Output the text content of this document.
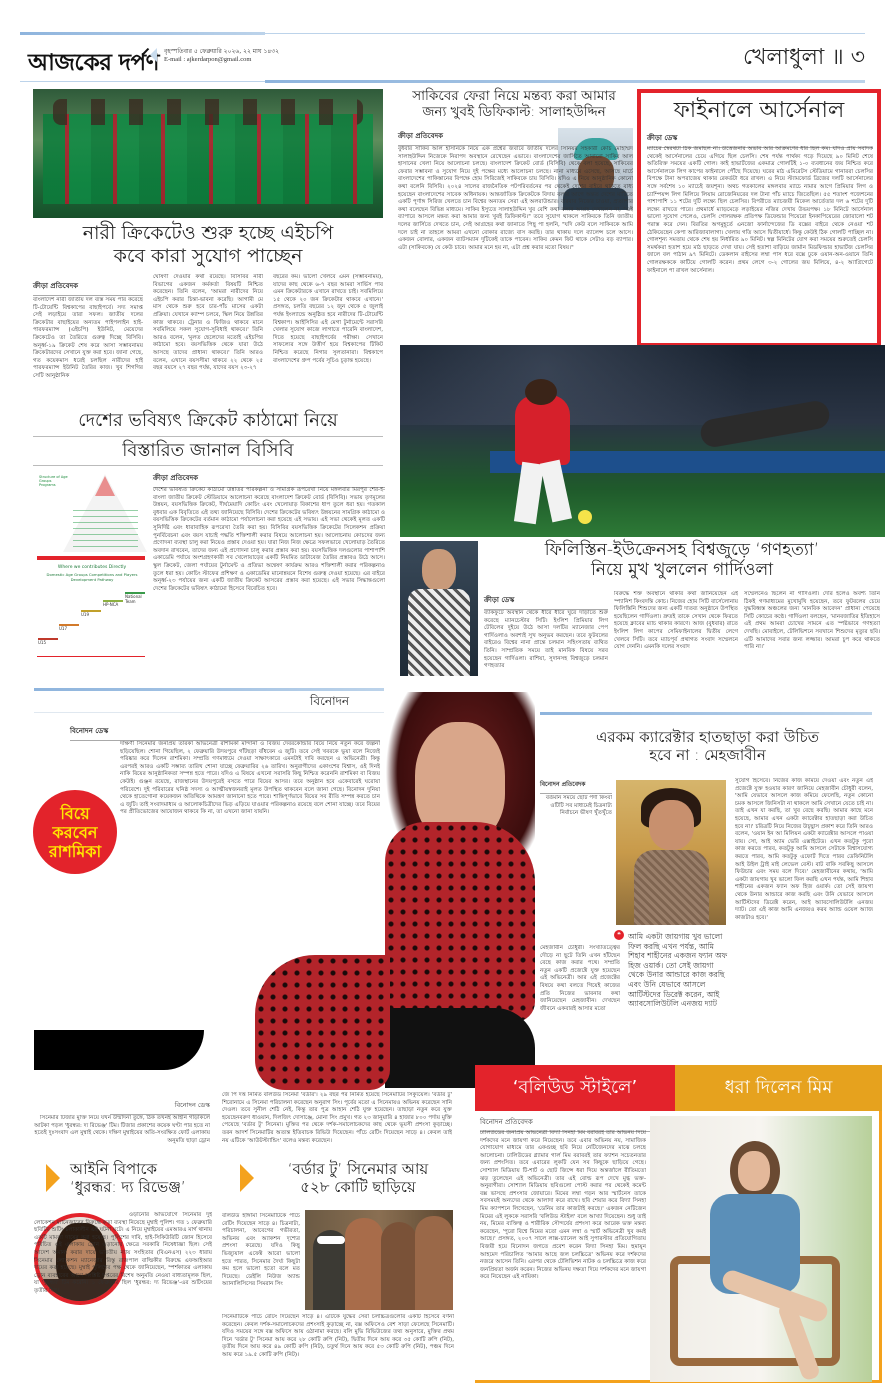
আজকের দর্পণ বৃহস্পতিবার ৫ ফেব্রুয়ারি ২০২৬, ২২ মাঘ ১৪৩২
E-mail : ajkerdarpon@gmail.com	খেলাধুলা ॥ ৩
নারী ক্রিকেটেও শুরু হচ্ছে এইচপি
কবে কারা সুযোগ পাচ্ছেন
ক্রীড়া প্রতিবেদক
বাংলাদেশ নারী জাতীয় দল ব্যস্ত সময় পার করেছে টি-টোয়েন্টি বিশ্বকাপের বাছাইপর্বে। সদ্য সমাপ্ত সেই লড়াইয়ে তারা সফল। জাতীয় দলের ক্রিকেটার বাছাইয়ের অন্যতম পাইপলাইন হাই-পারফরম্যান্স (এইচপি) ইউনিট, মেয়েদের ক্রিকেটেও তা তৈরিতে গুরুত্ব দিচ্ছে বিসিবি। অনূর্ধ্ব-১৯ ক্রিকেট শেষ করে আসা সম্ভাবনাময় ক্রিকেটারদের সেখানে যুক্ত করা হবে। জানা গেছে, গত কয়েকমাস ধরেই চলছিল নারীদের হাই পারফরম্যান্স ইউনিট তৈরির কাজ। খুব শিগগির সেটি আনুষ্ঠানিক
ঘোষণা দেওয়ার কথা রয়েছে। বিসিবির নারী বিভাগের একজন কর্মকর্তা বিষয়টি নিশ্চিত করেছেন। তিনি বলেন, 'আমরা নারীদের নিয়ে এইচপি করার চিন্তা-ভাবনা করেছি। আগামী মে মাস থেকে শুরু হবে চার-পাঁচ মাসের একটা প্রক্রিয়া। যেখানে ক্যাম্প চলবে, স্কিল নিয়ে উন্নতির কাজ থাকবে। ট্রেনার ও ফিজিও থাকবে মানে সবমিলিয়ে সকল সুযোগ-সুবিধাই থাকবে।' তিনি আরও বলেন, 'মূলত ছেলেদের মতোই এইচপির কাঠামো হবে। বয়সভিত্তিক থেকে যারা উঠে আসছে তাদের প্রাধান্য থাকবে।' তিনি আরও বলেন, এখানে বয়সসীমা থাকবে ২২ থেকে ২৫ বছর বয়সে ২৭ বছর পর্যন্ত, যাদের বয়স ২৩-২৭
বছরের কম। ভালো খেলবে এমন (সম্ভাবনাময়), যাদের কাছ থেকে ৬-৭ বছর আমরা সার্ভিস পাব এমন ক্রিকেটারকে এখানে রাখতে চাই। সবমিলিয়ে ১৫ থেকে ২০ জন ক্রিকেটার থাকবে এখানে।' প্রসঙ্গত, চলতি বছরের ১২ জুন থেকে ৫ জুলাই পর্যন্ত ইংল্যান্ডে অনুষ্ঠিত হবে নারীদের টি-টোয়েন্টি বিশ্বকাপ। আইসিসির এই মেগা টুর্নামেন্টে সরাসরি খেলার সুযোগ কাজে লাগাতে পারেনি বাংলাদেশ, দিতে হয়েছে বাছাইপর্বের পরীক্ষা। সেখানে সাফল্যের সঙ্গে উত্তীর্ণ হয়ে বিশ্বকাপের টিকিট নিশ্চিত করেছে নিগার সুলতানারা। বিশ্বকাপে বাংলাদেশের গ্রুপ পর্বের সূচিও চূড়ান্ত হয়েছে।
দেশের ভবিষ্যৎ ক্রিকেট কাঠামো নিয়ে
বিস্তারিত জানাল বিসিবি
Structure of Age Groups Programs
Where we contributes Directly
Domestic Age Groups Competitions and Players Development Pathway
U15
U17
U19
HP-NCA
National Team
ক্রীড়া প্রতিবেদক
দেশের ভবিষ্যত ক্রিকেট কাঠামো উন্নতির পরিকল্পনা ও সামগ্রিক রূপরেখা নিয়ে মঙ্গলবার মিরপুর শের-ই-বাংলা জাতীয় ক্রিকেট স্টেডিয়ামে আলোচনা করেছে বাংলাদেশ ক্রিকেট বোর্ড (বিসিবি)। সভায় তৃণমূলের উন্নয়ন, বয়সভিত্তিক ক্রিকেট, দীর্ঘমেয়াদি কোচিং এবং খেলোয়াড় বিকাশের ধাপ তুলে ধরা হয়। গতকাল বুধবার এক বিবৃতিতে এই তথ্য জানিয়েছে বিসিবি। দেশের ক্রিকেটের ভবিষ্যৎ উন্নয়নের সামগ্রিক কাঠামো ও বয়সভিত্তিক ক্রিকেটের বর্তমান কাঠামো পর্যালোচনা করা হয়েছে এই সভায়। এই সভা থেকেই মূলত একটি সুনির্দিষ্ট এবং ধারাবাহিক রূপরেখা তৈরি করা হয়। বিসিবির বয়সভিত্তিক ক্রিকেটের সিলেকশন প্রক্রিয়া পুনর্বিবেচনা এবং বয়স যাচাই পদ্ধতি শক্তিশালী করার বিষয়ে আলোচনা হয়। আলোচনায় কোচদের জন্য প্রণোদনা ব্যবস্থা চালু করা নিয়েও প্রস্তাব দেওয়া হয়। যারা নিজ নিজ ক্ষেত্রে সফলভাবে খেলোয়াড় তৈরিতে অবদান রাখবেন, তাদের জন্য এই প্রণোদনা চালু করার প্রস্তাব করা হয়। বয়সভিত্তিক দলগুলোর পাশাপাশি একাডেমি পর্যায়ে অংশগ্রহণকারী সব খেলোয়াড়ের একটি নিয়মিত ডাটাবেজ তৈরির প্রস্তাবও উঠে আসে। স্কুল ক্রিকেট, জেলা পর্যায়ের টুর্নামেন্ট ও প্রতিভা অন্বেষণ কার্যক্রম আরও শক্তিশালী করার পরিকল্পনাও তুলে ধরা হয়। কোচিং স্টাফের প্রশিক্ষণ ও একাডেমির মানোন্নয়নে বিশেষ গুরুত্ব দেওয়া হয়েছে। এর বাইরে অনূর্ধ্ব-২৩ পর্যায়ের জন্য একটি জাতীয় ক্রিকেট আসরের প্রস্তাব করা হয়েছে। এই সভার সিদ্ধান্তগুলো দেশের ক্রিকেটের ভবিষ্যৎ কাঠামো হিসেবে বিবেচিত হবে।
সাকিবের ফেরা নিয়ে মন্তব্য করা আমার
জন্য খুবই ডিফিকাল্ট: সালাহউদ্দিন
ক্রীড়া প্রতিবেদক
বুধবার সাকিব আল হাসানকে নিয়ে এক প্রশ্নের জবাবে জাতীয় দলের সিনিয়র সহকারী কোচ মোহাম্মদ সালাহউদ্দিন নিজেকে নিরাপদ অবস্থানে রেখেছেন এভাবে। বাংলাদেশের জার্সিতে আবারো সাকিব আল হাসানের খেলা নিয়ে আলোচনা চলছে। বাংলাদেশ ক্রিকেট বোর্ড (বিসিবি) থেকে বলা হয়েছে, সাকিবের ফেরার সম্ভাবনা ও সুযোগ নিয়ে দুই পক্ষের মধ্যে আলোচনা চলছে। নানা মাধ্যমে এসেছে, আসছে মার্চে বাংলাদেশের পাকিস্তানের বিপক্ষে হোম সিরিজেই সাকিবকে চায় বিসিবি। যদিও এ নিয়ে আনুষ্ঠানিক কোনো কথা বলেনি বিসিবি। ২০২৪ সালের রাজনৈতিক পটপরিবর্তনের পর থেকেই দেশের বাইরে থাকতে বাধ্য হয়েছেন বাংলাদেশের সাবেক অধিনায়ক। আন্তর্জাতিক ক্রিকেটকে বিদায় বলার আগে অন্তত দেশের মাটিতে একটি পূর্ণাঙ্গ সিরিজ খেলতে চান বিশ্বের অন্যতম সেরা এই অলরাউন্ডার। বারবার নিজের চাওয়া, প্রত্যাশার কথা বলেছেন বিভিন্ন মাধ্যমে। সাকিব ইস্যুতে সালাহউদ্দিন খুব বেশি কথা বলার আগ্রহ দেখালেন না, "এই ব্যাপারে আসলে মন্তব্য করা আমার জন্য খুবই ডিফিকাল্ট।" তবে সুযোগ থাকলে সাকিবকে তিনি জাতীয় দলের জার্সিতে দেখতে চান, সেই আগ্রহের কথা জানাতে পিছু পা হলনি, "যদি কেউ বলে সাকিবকে আমি দলে চাই না তাহলে আমরা এখনো বোকার রাজ্যে বাস করছি। তার থাকায় দলে ব্যালেন্স চলে আসে। একজন বোলার, একজন ব্যাটসম্যান দুটিকেই তাকে পাবেন। সাকিব কেমন ফিট থাকে সেটাও বড় ব্যাপার। এটা (সাকিবকে) যে কেউ চাবে। আমার মনে হয় না, এটা প্রশ্ন করার মতো বিষয়।"
ফাইনালে আর্সেনাল
ক্রীড়া ডেস্ক
ম্যাচের স্বৈরথটা ঠিক জমছিল না। উত্তেজনার অভাব আর আক্রমণের ধার ছিল কম। যদিও প্রায় সবদিক থেকেই আর্সেনালের চেয়ে এগিয়ে ছিল চেলসি। শেষ পর্যন্ত পার্থক্য গড়ে দিয়েছে ৯০ মিনিট শেষে অতিরিক্ত সময়ের একটি গোল। কাই হাভার্টজের একমাত্র গোলটিই ১-০ ব্যবধানের জয় নিশ্চিত করে আর্সেনালকে লিগ কাপের ফাইনালে পৌঁছে দিয়েছে। ঘরের মাঠ এমিরেটস স্টেডিয়ামে গানাররা চেলসির বিপক্ষে টানা অপরাজেয় থাকার রেকর্ডটা ধরে রাখল। এ নিয়ে স্ট্যামফোর্ড ব্রিজের দলটি আর্সেনালের সঙ্গে সর্বশেষ ১০ ম্যাচেই জয়শূন্য। অথচ গতকালের মঙ্গলবার ম্যাচে নামার আগে প্রিমিয়ার লিগ ও চ্যাম্পিয়ন্স লিগ মিলিয়ে লিয়াম রোজেনিয়রের দল টানা পাঁচ ম্যাচে জিতেছিল। ৫৫ শতাংশ পজেশনের পাশাপাশি ১১ শটের দুটি লক্ষ্যে ছিল চেলসির। বিপরীতে ম্যাচজয়ী মিকেল আর্তেতার দল ৬ শটের দুটি লক্ষ্যে রাখতে পারে। প্রথমার্ধে ম্যাড়মেড়ে লড়াইয়ের নজির দেখায় উভয়পক্ষ। ১৮ মিনিটে আর্সেনাল ভালো সুযোগ পেলেও, চেলসি গোলরক্ষক প্রতিপক্ষ ডিফেন্ডার পিয়েরো ইনকাপিয়েরের জোরালো শট পরাস্ত করে দেন। বিরতির অগমুহূর্তে এনজো ফার্নান্দেজের ডি বক্সের বাইরে থেকে নেওয়া শট ঠেকিয়েছেন কেপা আরিজাবালাগা। খেলায় গতি আসে দ্বিতীয়ার্ধে। কিন্তু কেউই ঠিক গোলটি পাচ্ছিল না। গোলশূন্য সমতায় থেকে শেষ হয় নির্ধারিত ৯০ মিনিট। স্বল্প মিনিটের যোগ করা সময়ের শুরুতেই চেলসি সমর্থকরা হতাশ হয়ে মাঠ ছাড়তে দেখা যায়। সেই হতাশা বাড়িয়ে জার্মান মিডফিল্ডার হাভার্টজ চেলসির জালে বল পাঠান ৯৭ মিনিটে। ডেকলান রাইসের লম্বা পাস ধরে বক্সে ঢুকে ওয়ান-অন-ওয়ানে তিনি গোলরক্ষককে কাটিয়ে গোলটি করেন। প্রথম লেগে ৩-২ গোলের জয় মিলিয়ে, ৪-২ অ্যাগ্রিগেটে ফাইনালে পা রাখল আর্সেনাল।
ফিলিস্তিন-ইউক্রেনসহ বিশ্বজুড়ে ‘গণহত্যা’
নিয়ে মুখ খুললেন গার্দিওলা
ক্রীড়া ডেস্ক
ব্যাকফুটে অবস্থান থেকে ধীরে ধীরে ঘুরে দাঁড়াতে শুরু করেছে ম্যানচেস্টার সিটি। ইংলিশ প্রিমিয়ার লিগ টেবিলের দুইয়ে উঠে আসা দলটির ম্যানেজার পেপ গার্দিওলাও অবশ্যই সুখ অনুভব করছেন। তবে ফুটবলের বাইরেও বিশ্বের নানা প্রান্তে চলমান সহিংসতায় ব্যথিত তিনি। সাম্প্রতিক সময়ে তাই মানবিক বিষয়ে সরব হয়েছেন গার্দিওলা। রাশিয়া, সুদানসহ বিশ্বজুড়ে চলমান গণহত্যার
বিরুদ্ধে শক্ত অবস্থানে থাকার কথা জানিয়েছেন এই স্প্যানিশ কিংবদন্তি কোচ। নিজের হোম সিটি বার্সেলোনায় ফিলিস্তিনি শিশুদের জন্য একটি দাতব্য অনুষ্ঠানে উপস্থিত হয়েছিলেন গার্দিওলা। দ্রুতই তাকে সেখান থেকে ফিরতে হয়েছে ক্লাবের ম্যাচ থাকার কারণে। আজ (বুধবার) রাতে ইংলিশ লিগ কাপের সেমিফাইনালের দ্বিতীয় লেগে খেলবে সিটি। তবে ম্যাচপূর্ব প্রথাগত সংবাদ সম্মেলনে যোগ দেননি। এমনকি দলের সংবাদ
সম্মেলনেও ছিলেন না গার্দিওলা। দেরি হলেও অবশ্য তিনি ঠিকই গণমাধ্যমের মুখোমুখি হয়েছেন, তবে ফুটবলের চেয়ে যুদ্ধবিধ্বস্ত অঞ্চলের জন্য ‘মানবিক আবেদন’ প্রাধান্য পেয়েছে সিটি কোচের কণ্ঠে। গার্দিওলা বলছেন, ‘মানবজাতির ইতিহাসে এই প্রথম আমরা চোখের সামনে এত স্পষ্টভাবে গণহত্যা দেখছি। মোবাইলে, টেলিভিশনে সবখানে শিশুদের মৃত্যুর ছবি। এটি আমাদের সবার জন্য লজ্জার। আমরা চুপ করে থাকতে পারি না।’
বিনোদন
বিনোদন ডেস্ক
দক্ষিণী সিনেমার জনপ্রিয় তারকা অভিনেত্রী রাশমিকা মান্দানা ও বিজয় দেবরকোন্ডার বিয়ে নিয়ে নতুন করে জল্পনা ছড়িয়েছিল। শোনা গিয়েছিল, ২ ফেব্রুয়ারি উদয়পুরে গাঁটছড়া বাঁধবেন এ জুটি। তবে সেই খবরকে ভুয়া বলে নিজেই পরিষ্কার করে দিলেন রাশমিকা। সম্প্রতি গণমাধ্যমে দেওয়া সাক্ষাৎকারে এমনটাই দাবি করছেন এ অভিনেত্রী। কিন্তু এরপরই আরও একটি সম্ভাব্য তারিখ শোনা যাচ্ছে ফেব্রুয়ারির ২৬ তারিখ। অনুরাগীদের একাংশের বিশ্বাস, ওই দিনই নাকি বিয়ের আনুষ্ঠানিকতা সম্পন্ন হতে পারে। যদিও এ বিষয়ে এখনো সরাসরি কিছু নিশ্চিত করেননি রাশমিকা বা বিজয় কেউই। গুঞ্জন রয়েছে, রাজস্থানের উদয়পুরেই বসতে পারে বিয়ের আসর। তবে অনুষ্ঠান হবে একেবারেই ঘরোয়া পরিবেশে। দুই পরিবারের ঘনিষ্ঠ সদস্য ও আত্মীয়স্বজনরাই মূলত উপস্থিত থাকবেন বলে জানা গেছে। বিনোদন দুনিয়া থেকে হাতেগোনা কয়েকজন অতিথিকে আমন্ত্রণ জানানো হতে পারে। শান্তিপূর্ণভাবে বিয়ের সব রীতি সম্পন্ন করতে চান এ জুটি। তাই সংবাদমাধ্যম ও আলোকচিত্রীদের ভিড় এড়িয়ে যাওয়ার পরিকল্পনাও রয়েছে বলে শোনা যাচ্ছে। তবে বিয়ের পর প্রীতিভোজের আয়োজন থাকবে কি না, তা এখনো জানা যায়নি।
বিয়ে করবেন রাশমিকা
এরকম ক্যারেক্টার হাতছাড়া করা উচিত
হবে না : মেহজাবীন
বিনোদন প্রতিবেদক
বর্তমান সময়ে ছোট পর্দা কিংবা ওটিটি সব মাধ্যমেই চিত্রনাট্য নির্বাচনে ভীষণ খুঁতখুঁতে
❝ আমি একটা জায়গায় খুব ভালো ফিল করছি এখন পর্যন্ত, আমি শিহাব শাহীনের একজন ফ্যান অফ হিজ ওয়ার্ক। তো সেই জায়গা থেকে উনার আন্ডারে কাজ করছি এবং উনি যেভাবে আসলে আর্টিস্টদের ডিরেক্ট করেন, আই অ্যাবসোলিউটলি এনজয় দ্যাট
মেহজাবীন চৌধুরী। সংখ্যাতত্ত্বের দৌড়ে না ছুটে তিনি এখন হাঁটছেন বেছে কাজ করার পথে। সম্প্রতি নতুন একটি প্রজেক্টে যুক্ত হয়েছেন এই অভিনেত্রী। আর এই প্রজেক্টের বিষয়ে কথা বলতে গিয়েই কাজের প্রতি নিজের ভাবনার কথা জানিয়েছেন মেহজাবীন। দেখছেন জীবনে একবারই আসার মতো
সুযোগ হিসেবে। নিজের কাজ কমিয়ে দেওয়া এবং নতুন এই প্রজেক্টে যুক্ত হওয়ার কারণ জানিয়ে মেহজাবীন চৌধুরী বলেন, 'আমি যেভাবে আসলে কাজ কমিয়ে ফেলেছি, নতুন কোনো চমক আসলে জিনিসটা না থাকলে আমি সেখানে যেতে চাই না। তাই এখন যা করছি, তা খুব বেছে করছি। আমার কাছে মনে হয়েছে, আমার এখন একটা ক্যারেক্টার হাতছাড়া করা উচিত হবে না।' চরিত্রটি নিয়ে নিজের উচ্ছ্বাস প্রকাশ করে তিনি আরও বলেন, 'ওয়ান ইন আ মিলিয়ন একটা ক্যারেক্টার আসলে পাওয়া যায়। সো, আই অ্যাম ভেরি এক্সাইটেড। এখন কতটুকু পুরো কাজ করতে পারব, কতটুকু আমি আসলে সেটাকে বিশ্বাসযোগ্য করতে পারব, আমি কতটুকু এফোর্ট দিতে পারব ডেফিনিটলি আই উইল ট্রাই মাই লেভেল বেস্ট। বাট বাকি সবকিছু আসলে ফিউচার এবং সময় বলে দিবে।' মেহজাবীনের কথায়, 'আমি একটা জায়গায় খুব ভালো ফিল করছি এখন পর্যন্ত, আমি শিহাব শাহীনের একজন ফ্যান অফ হিজ ওয়ার্ক। তো সেই জায়গা থেকে উনার আন্ডারে কাজ করছি এবং উনি যেভাবে আসলে আর্টিস্টদের ডিরেক্ট করেন, আই অ্যাবসোলিউটলি এনজয় দ্যাট। তো এই কাজ আমি এনজয়ও করব অ্যান্ড ওয়েল অ্যাজ কাজটাও হবে।'
বিনোদন ডেস্ক
সিনেমার টিজার মুক্তি নিয়ে যখন উন্মাদনা তুঙ্গে, ঠিক তখনই আইনি গাঁড়াকলে আটকা পড়ল 'ধুরন্ধর: দ্য রিভেঞ্জ' টিম। টিজার প্রকাশের কয়েক ঘণ্টা পার হতে না হতেই দুঃসংবাদ এল মুম্বাই থেকে। দক্ষিণ মুম্বাইয়ের অতি-সংরক্ষিত ফোর্ট এলাকায় অনুমতি ছাড়া ড্রোন
জে পি দত্ত নির্মিত বলিউড সিনেমা 'বর্ডার'। ২৯ বছর পর নির্মিত হয়েছে সিনেমাটির সিক্যুয়েল। 'বর্ডার টু' শিরোনামে এ সিনেমা পরিচালনা করেছেন অনুরাগ সিং। পূর্বের মতো এ সিনেমায়ও অভিনয় করেছেন সানি দেওল। তবে সুনীল শেঠি নেই, কিন্তু তার পুত্র আহান শেঠি যুক্ত হয়েছেন। তাছাড়া নতুন করে যুক্ত হয়েছেনবরুণ ধাওয়ান, দিলজিৎ দোসাঞ্জে, মোনা সিং প্রমুখ। গত ২৩ জানুয়ারি ৪ হাজার ৮০০ পর্দায় মুক্তি পেয়েছে 'বর্ডার টু' সিনেমা। মুক্তির পর থেকে দর্শক-সমালোচকদের কাছ থেকে ভূয়সী প্রশংসা কুড়াচ্ছে। তরন আদর্শ সিনেমাটির অত্যন্ত ইতিবাচক রিভিউ দিয়েছেন। পাঁচে রেটিং দিয়েছেন সাড়ে ৪। কেবল তাই নয় এটিকে 'আউটস্ট্যান্ডিং' বলেও মন্তব্য করেছেন।
আইনি বিপাকে
‘ধুরন্ধর: দ্য রিভেঞ্জ’
ওড়ানোর অভিযোগে সিনেমার দুই লোকেশন ম্যানেজারের বিরুদ্ধে কড়া ব্যবস্থা নিয়েছে মুম্বাই পুলিশ। গত ১ ফেব্রুয়ারি ছবিটির শুটিং চলাকালীন এই ঘটনা ঘটে। এ নিয়ে মুম্বাইয়ের এমআরএ মার্গ থানায় একটি মামলা দায়ের করা হয়েছে। পুলিশের দাবি, হাই-সিকিউরিটি জোন হিসেবে পরিচিত ওই এলাকায় ড্রোন ওড়ানোর ক্ষেত্রে সরকারি নিষেধাজ্ঞা ছিল। সেই আদেশ অমান্য করার দায়ে ভারতীয় ন্যায় সংহিতার (বিএনএস) ২২৩ ধারায় সিনেমার লোকেশন ম্যানেজার রিস্তু রাজপাল বাল্মিকীর বিরুদ্ধে এফআইআর দায়ের করা হয়েছে। মুম্বাই পুলিশের পক্ষ থেকে জানিয়েছেন, স্পর্শকাতর এলাকায় ড্রোন ব্যবহারের আগে সংশ্লিষ্ট দপ্তরের বিশেষ অনুমতি নেওয়া বাধ্যতামূলক ছিল, যা 'ধুরন্ধর' টিম করেনি। ১ ফেব্রুয়ারি ছিল 'ধুরন্ধর: দ্য রিভেঞ্জ'-এর শুটিংয়ের তৃতীয় দিন।
‘বর্ডার টু’ সিনেমার আয়
৫২৮ কোটি ছাড়িয়ে
বলিউড হাঙ্গামা সিনেমাটিকে পাঁচে রেটিং দিয়েছেন সাড়ে ৪। চিত্রনাট্য, পরিচালনা, আবেগের গভীরতা, অভিনয় এবং অ্যাকশন দৃশ্যের প্রশংসা করেছে। যদিও কিছু ভিজ্যুয়াল এফেক্ট আরো ভালো হতে পারত, সিনেমার দৈর্ঘ্য কিছুটা কম হলে ভালো হতো বলে মত দিয়েছে। ডেইলি নিউজ অ্যান্ড অ্যানালিসিসের সিমরান সিং
সিনেমাটিকে পাঁচে রেটিং দিয়েছেন সাড়ে ৪। এটিকে যুদ্ধের সেরা চলচ্চিত্রগুলোর একটি হিসেবে বর্ণনা করেছেন। কেবল দর্শক-সমালোচকদের প্রশংসাই কুড়াচ্ছে না, বক্স অফিসেও বেশ সাড়া ফেলেছে সিনেমাটি। যদিও সময়ের সঙ্গে বক্স অফিসে আয় ওঠানামা করছে। বলি মুভি রিভিউজের তথ্য অনুসারে, মুক্তির প্রথম দিনে 'বর্ডার টু' সিনেমা আয় করে ২৮ কোটি রুপি (নিট), দ্বিতীয় দিনে আয় করে ৩৫ কোটি রুপি (নিট), তৃতীয় দিনে আয় করে ৪৯ কোটি রুপি (নিট), চতুর্থ দিনে আয় করে ৫৩ কোটি রুপি (নিট), পঞ্চম দিনে আয় করে ১৯.৫ কোটি রুপি (নিট)।
‘বলিউড স্টাইলে’	ধরা দিলেন মিম
বিনোদন প্রতিবেদক
ঢালিউডের জনপ্রিয় অভিনেত্রী বিদ্যা সিনহা মিম বরাবরই তার অভিনয় দিয়ে দর্শকদের মনে জায়গা করে নিয়েছেন। তবে এবার অভিনয় নয়, সামাজিক যোগাযোগ মাধ্যমে তার একগুচ্ছ ছবি নিয়ে নেটিজেনদের মাঝে চলছে আলোচনা। ঢালিউডের গ্ল্যামার গার্ল মিম বরাবরই তার ফ্যাশন সচেতনতার জন্য প্রশংসিত। তবে এবারের লুকটি যেন সব কিছুকে ছাড়িয়ে গেছে। সোশ্যাল মিডিয়ায় টি-শার্ট ও ছোট জিন্সে ধরা দিয়ে অন্তর্জালে রীতিমতো ঝড় তুলেছেন এই অভিনেত্রী। তার এই বোল্ড রূপ দেখে মুগ্ধ ভক্ত-অনুরাগীরা। সোশ্যাল মিডিয়ায় ছবিগুলো পোস্ট করার পর থেকেই কমেন্ট বক্স ভাসছে প্রশংসার জোয়ারে। মিমের লম্বা গড়ন আর স্মার্টনেস তাকে সবসময়ই অন্যদের থেকে আলাদা করে রাখে। ছবি শেয়ার করে বিদ্যা সিনহা মিম ক্যাপশনে লিখেছেন, 'ডেনিম তার কাজটাই করছে।' একজন নেটিজেন মিমের এই লুককে সরাসরি 'বলিউড স্টাইল' বলে আখ্যা দিয়েছেন। শুধু তাই নয়, মিমের ব্যক্তিত্ব ও শারীরিক সৌন্দর্যের প্রশংসা করে আরেক ভক্ত মন্তব্য করেছেন, 'পুরো বিশ্বে মিমের মতো এমন লম্বা ও স্মার্ট অভিনেত্রী খুব কমই আছে।' প্রসঙ্গত, ২০০৭ সালে লাক্স-চ্যানেল আই সুপারস্টার প্রতিযোগিতায় বিজয়ী হয়ে বিনোদন জগতে প্রবেশ করেন বিদ্যা সিনহা মিম। হুমায়ূন আহমেদ পরিচালিত 'আমার আছে জল চলচ্চিত্রে' অভিনয় করে দর্শকদের নজরে আসেন তিনি। এরপর থেকে টেলিভিশন নাটক ও চলচ্চিত্রে কাজ করে জনপ্রিয়তা অর্জন করেন। নিজের অভিনয় দক্ষতা দিয়ে দর্শকদের মনে জায়গা করে নিয়েছেন এই নায়িকা।
